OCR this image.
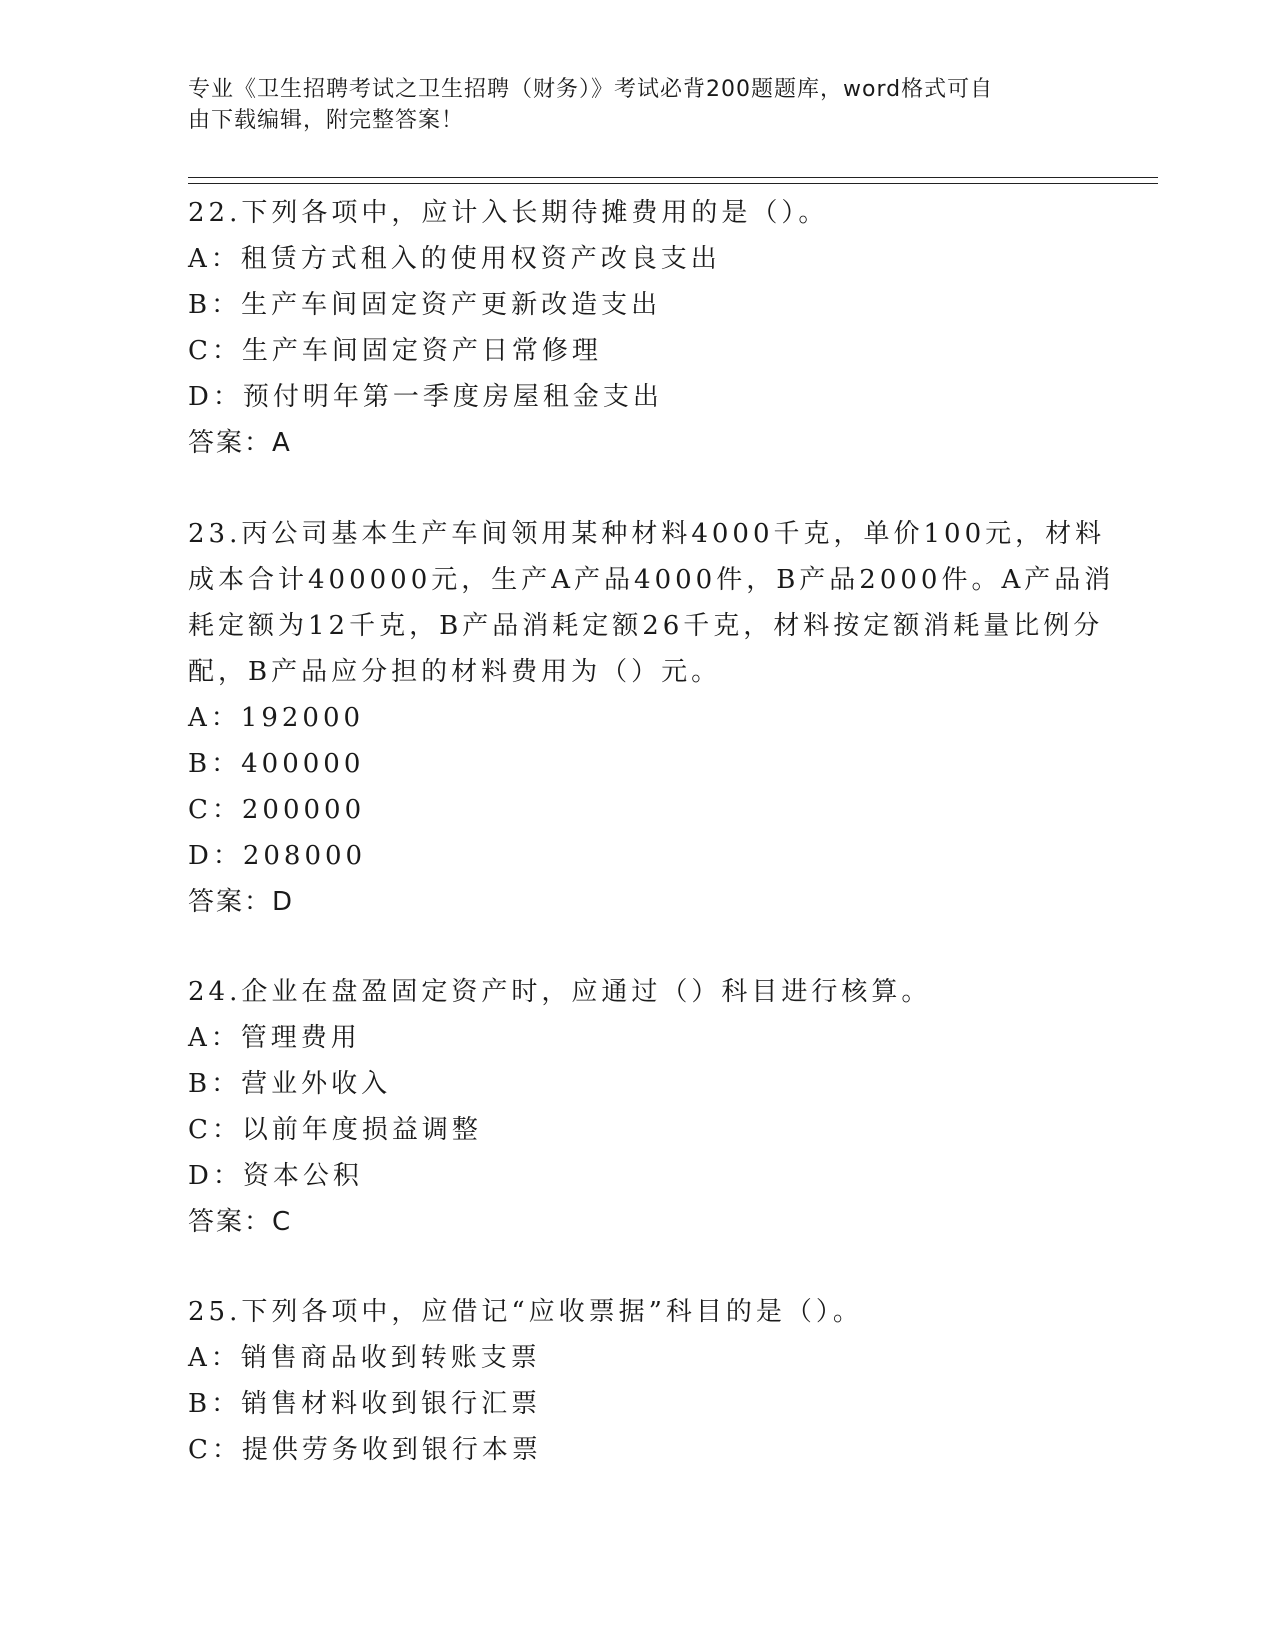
专业《卫生招聘考试之卫生招聘（财务）》考试必背200题题库，word格式可自
由下载编辑，附完整答案！
22.下列各项中，应计入长期待摊费用的是（）。
A：租赁方式租入的使用权资产改良支出
B：生产车间固定资产更新改造支出
C：生产车间固定资产日常修理
D：预付明年第一季度房屋租金支出
答案：A
23.丙公司基本生产车间领用某种材料4000千克，单价100元，材料
成本合计400000元，生产A产品4000件，B产品2000件。A产品消
耗定额为12千克，B产品消耗定额26千克，材料按定额消耗量比例分
配，B产品应分担的材料费用为（）元。
A：192000
B：400000
C：200000
D：208000
答案：D
24.企业在盘盈固定资产时，应通过（）科目进行核算。
A：管理费用
B：营业外收入
C：以前年度损益调整
D：资本公积
答案：C
25.下列各项中，应借记“应收票据”科目的是（）。
A：销售商品收到转账支票
B：销售材料收到银行汇票
C：提供劳务收到银行本票
